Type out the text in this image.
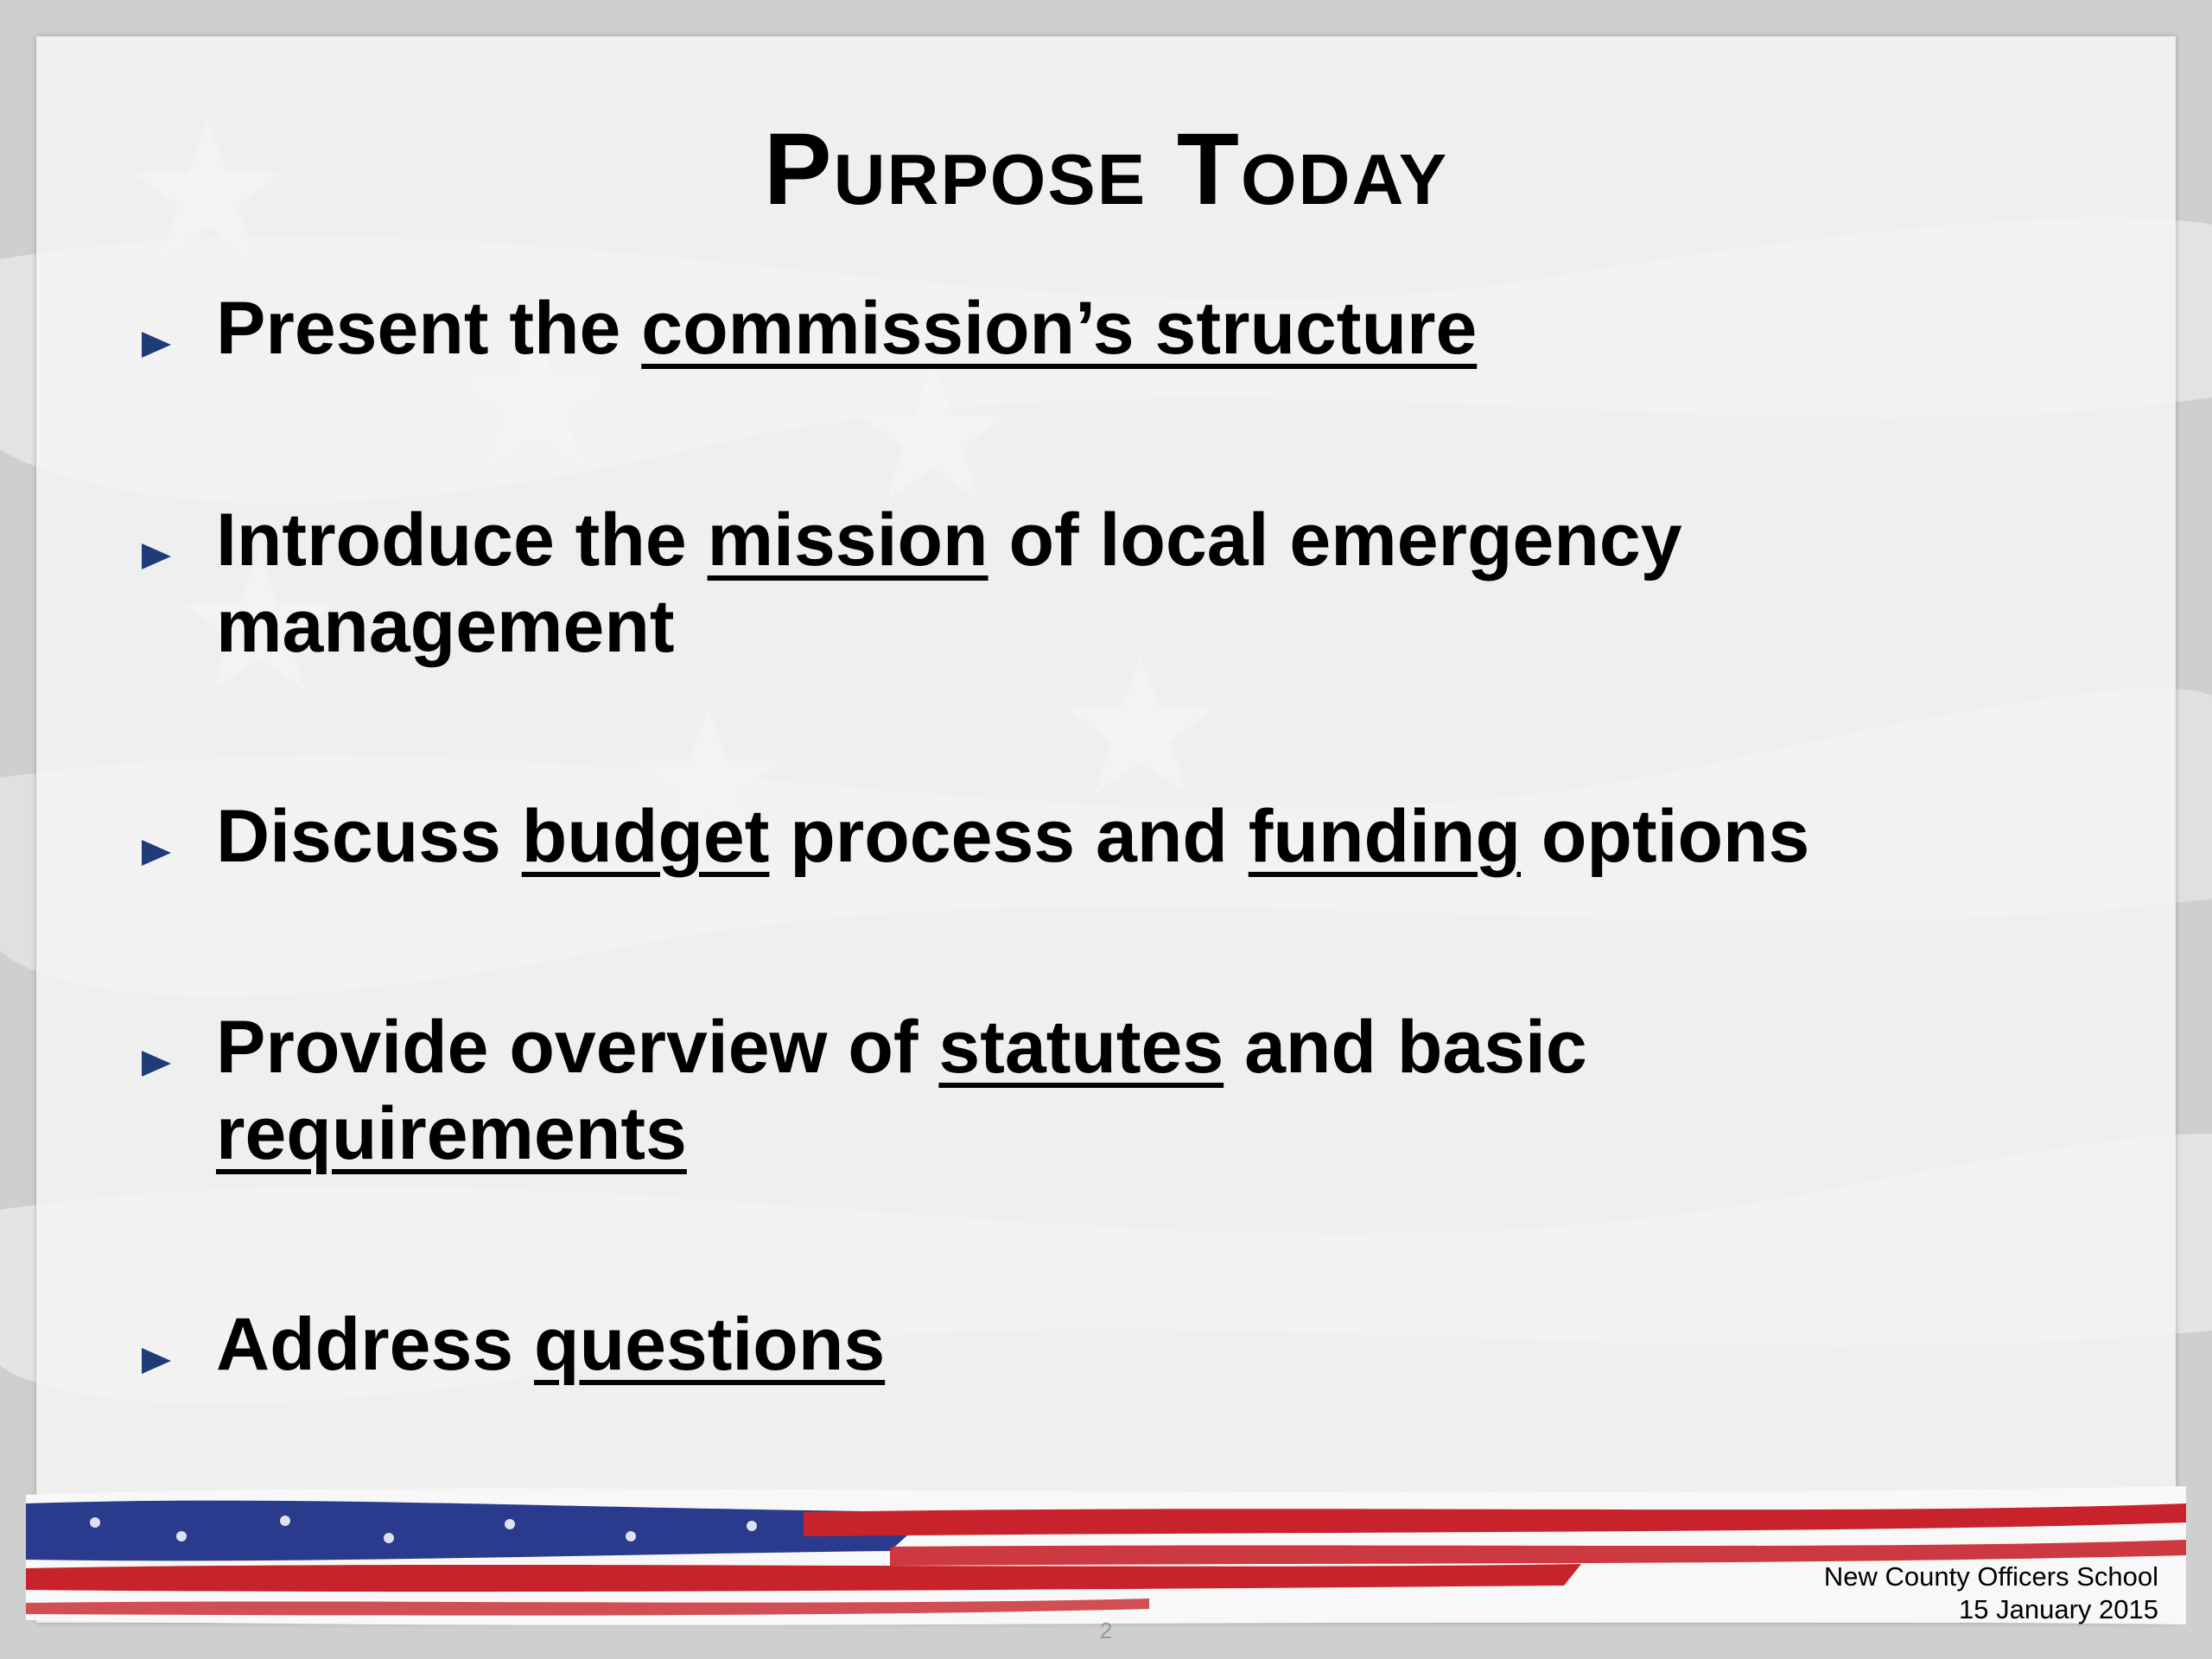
Purpose Today
Present the commission’s structure
Introduce the mission of local emergency management
Discuss budget process and funding options
Provide overview of statutes and basic requirements
Address questions
New County Officers School
15 January 2015
2
